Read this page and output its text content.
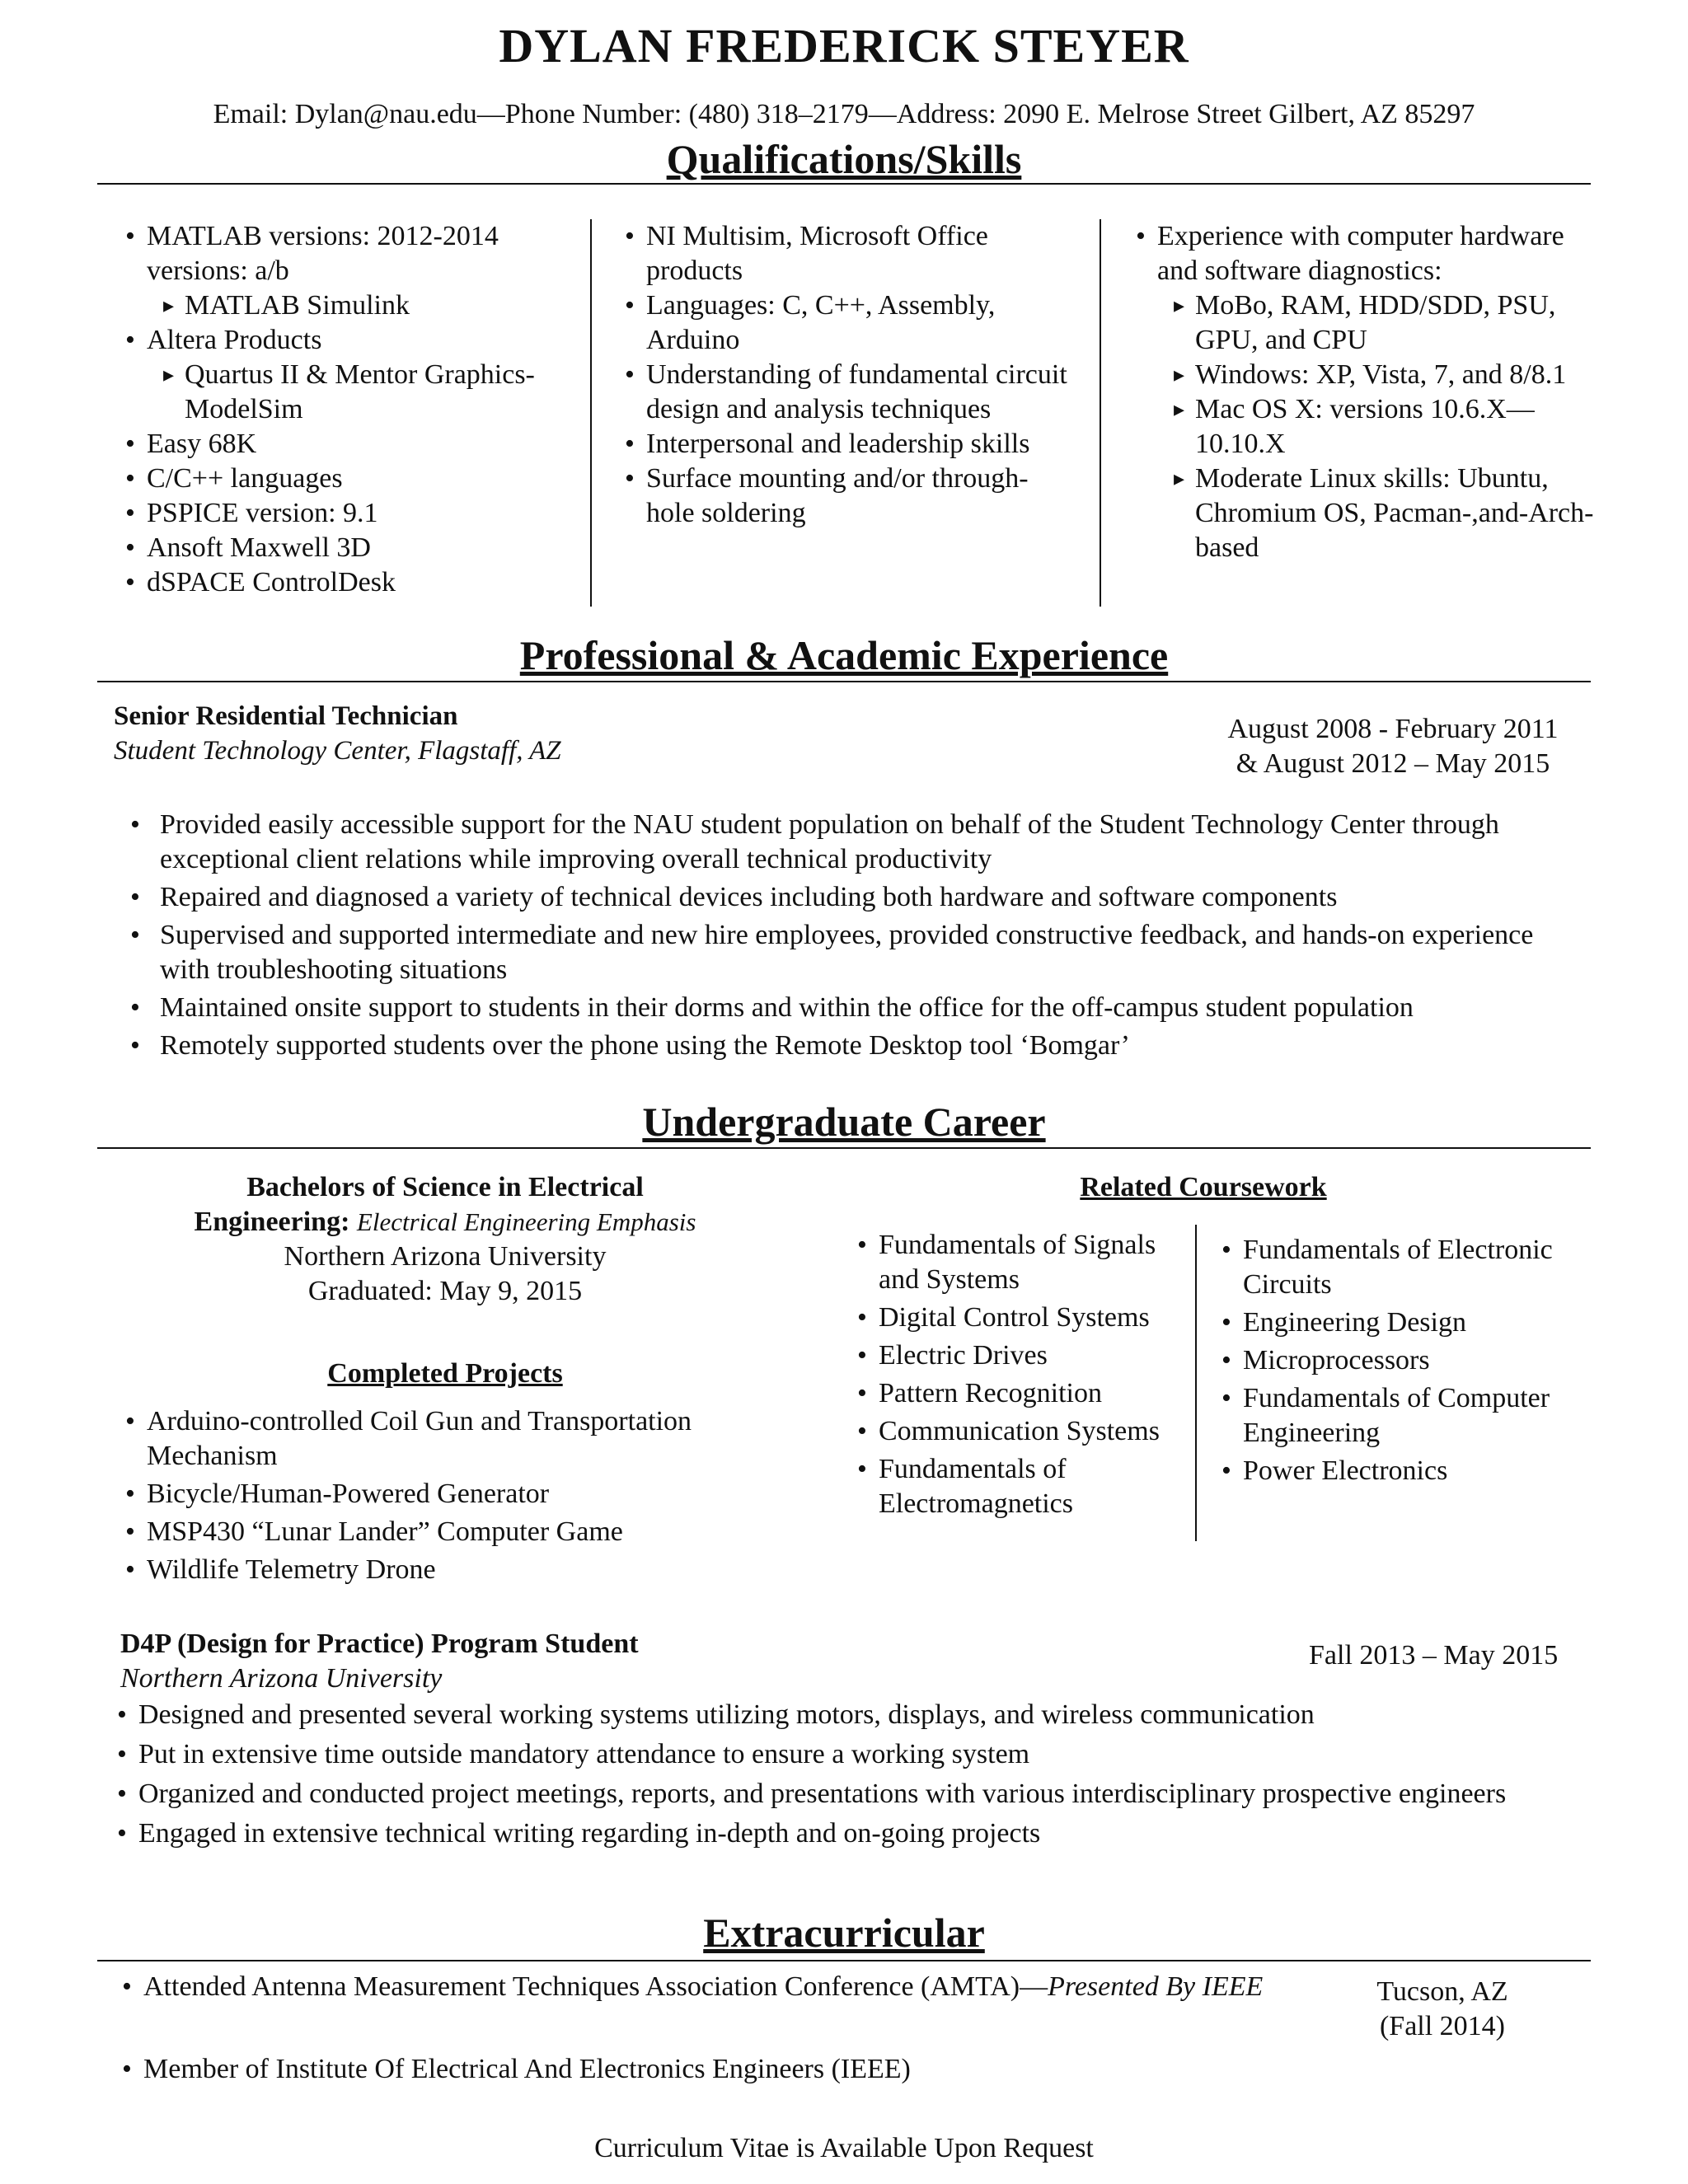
DYLAN FREDERICK STEYER
Email: Dylan@nau.edu—Phone Number: (480) 318–2179—Address: 2090 E. Melrose Street Gilbert, AZ 85297
Qualifications/Skills
• MATLAB versions: 2012-2014 versions: a/b
▸ MATLAB Simulink
• Altera Products
▸ Quartus II & Mentor Graphics-ModelSim
• Easy 68K
• C/C++ languages
• PSPICE version: 9.1
• Ansoft Maxwell 3D
• dSPACE ControlDesk
• NI Multisim, Microsoft Office products
• Languages: C, C++, Assembly, Arduino
• Understanding of fundamental circuit design and analysis techniques
• Interpersonal and leadership skills
• Surface mounting and/or through-hole soldering
• Experience with computer hardware and software diagnostics:
▸ MoBo, RAM, HDD/SDD, PSU, GPU, and CPU
▸ Windows: XP, Vista, 7, and 8/8.1
▸ Mac OS X: versions 10.6.X—10.10.X
▸ Moderate Linux skills: Ubuntu, Chromium OS, Pacman-,and-Arch-based
Professional & Academic Experience
Senior Residential Technician
Student Technology Center, Flagstaff, AZ
August 2008 - February 2011
& August 2012 – May 2015
• Provided easily accessible support for the NAU student population on behalf of the Student Technology Center through exceptional client relations while improving overall technical productivity
• Repaired and diagnosed a variety of technical devices including both hardware and software components
• Supervised and supported intermediate and new hire employees, provided constructive feedback, and hands-on experience with troubleshooting situations
• Maintained onsite support to students in their dorms and within the office for the off-campus student population
• Remotely supported students over the phone using the Remote Desktop tool ‘Bomgar’
Undergraduate Career
Bachelors of Science in Electrical
Engineering: Electrical Engineering Emphasis
Northern Arizona University
Graduated: May 9, 2015
Completed Projects
• Arduino-controlled Coil Gun and Transportation Mechanism
• Bicycle/Human-Powered Generator
• MSP430 “Lunar Lander” Computer Game
• Wildlife Telemetry Drone
Related Coursework
• Fundamentals of Signals and Systems
• Digital Control Systems
• Electric Drives
• Pattern Recognition
• Communication Systems
• Fundamentals of Electromagnetics
• Fundamentals of Electronic Circuits
• Engineering Design
• Microprocessors
• Fundamentals of Computer Engineering
• Power Electronics
D4P (Design for Practice) Program Student
Northern Arizona University
Fall 2013 – May 2015
• Designed and presented several working systems utilizing motors, displays, and wireless communication
• Put in extensive time outside mandatory attendance to ensure a working system
• Organized and conducted project meetings, reports, and presentations with various interdisciplinary prospective engineers
• Engaged in extensive technical writing regarding in-depth and on-going projects
Extracurricular
• Attended Antenna Measurement Techniques Association Conference (AMTA)—Presented By IEEE	Tucson, AZ
(Fall 2014)
• Member of Institute Of Electrical And Electronics Engineers (IEEE)
Curriculum Vitae is Available Upon Request
